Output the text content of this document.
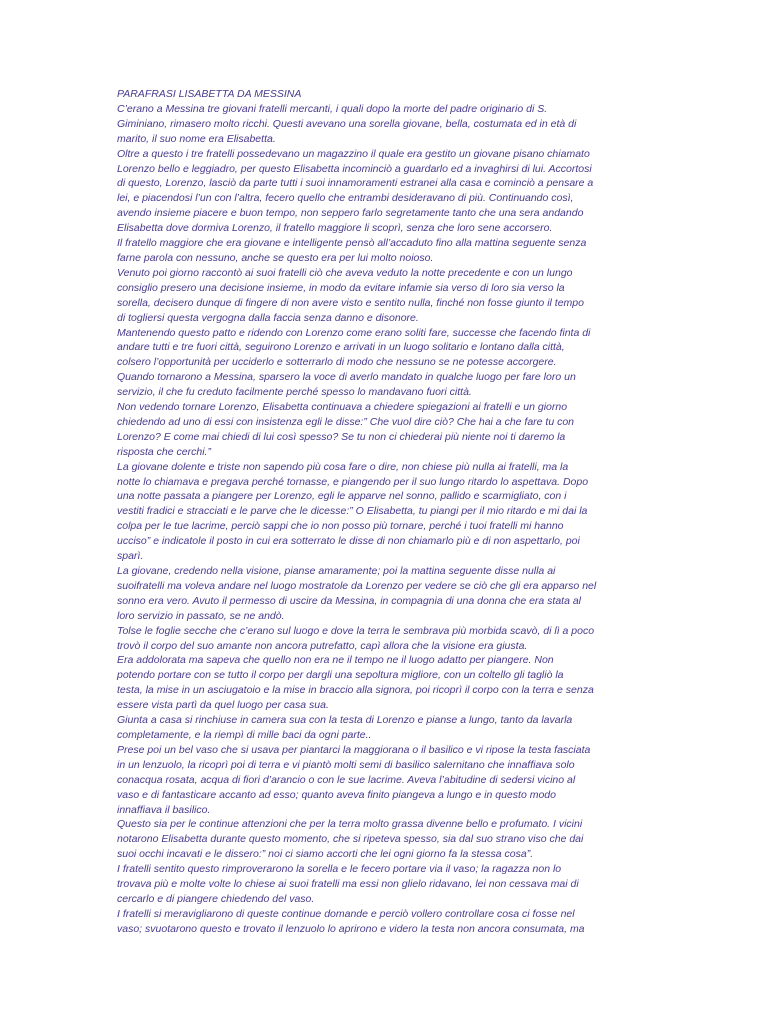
PARAFRASI LISABETTA DA MESSINA
C’erano a Messina tre giovani fratelli mercanti, i quali dopo la morte del padre originario di S.
Giminiano, rimasero molto ricchi. Questi avevano una sorella giovane, bella, costumata ed in età di
marito, il suo nome era Elisabetta.
Oltre a questo i tre fratelli possedevano un magazzino il quale era gestito un giovane pisano chiamato
Lorenzo bello e leggiadro, per questo Elisabetta incominciò a guardarlo ed a invaghirsi di lui. Accortosi
di questo, Lorenzo, lasciò da parte tutti i suoi innamoramenti estranei alla casa e cominciò a pensare a
lei, e piacendosi l’un con l’altra, fecero quello che entrambi desideravano di più. Continuando così,
avendo insieme piacere e buon tempo, non seppero farlo segretamente tanto che una sera andando
Elisabetta dove dormiva Lorenzo, il fratello maggiore li scoprì, senza che loro sene accorsero.
Il fratello maggiore che era giovane e intelligente pensò all’accaduto fino alla mattina seguente senza
farne parola con nessuno, anche se questo era per lui molto noioso.
Venuto poi giorno raccontò ai suoi fratelli ciò che aveva veduto la notte precedente e con un lungo
consiglio presero una decisione insieme, in modo da evitare infamie sia verso di loro sia verso la
sorella, decisero dunque di fingere di non avere visto e sentito nulla, finché non fosse giunto il tempo
di togliersi questa vergogna dalla faccia senza danno e disonore.
Mantenendo questo patto e ridendo con Lorenzo come erano soliti fare, successe che facendo finta di
andare tutti e tre fuori città, seguirono Lorenzo e arrivati in un luogo solitario e lontano dalla città,
colsero l’opportunità per ucciderlo e sotterrarlo di modo che nessuno se ne potesse accorgere.
Quando tornarono a Messina, sparsero la voce di averlo mandato in qualche luogo per fare loro un
servizio, il che fu creduto facilmente perché spesso lo mandavano fuori città.
Non vedendo tornare Lorenzo, Elisabetta continuava a chiedere spiegazioni ai fratelli e un giorno
chiedendo ad uno di essi con insistenza egli le disse:” Che vuol dire ciò? Che hai a che fare tu con
Lorenzo? E come mai chiedi di lui così spesso? Se tu non ci chiederai più niente noi ti daremo la
risposta che cerchi.”
La giovane dolente e triste non sapendo più cosa fare o dire, non chiese più nulla ai fratelli, ma la
notte lo chiamava e pregava perché tornasse, e piangendo per il suo lungo ritardo lo aspettava. Dopo
una notte passata a piangere per Lorenzo, egli le apparve nel sonno, pallido e scarmigliato, con i
vestiti fradici e stracciati e le parve che le dicesse:” O Elisabetta, tu piangi per il mio ritardo e mi dai la
colpa per le tue lacrime, perciò sappi che io non posso più tornare, perché i tuoi fratelli mi hanno
ucciso” e indicatole il posto in cui era sotterrato le disse di non chiamarlo più e di non aspettarlo, poi
sparì.
La giovane, credendo nella visione, pianse amaramente; poi la mattina seguente disse nulla ai
suoifratelli ma voleva andare nel luogo mostratole da Lorenzo per vedere se ciò che gli era apparso nel
sonno era vero. Avuto il permesso di uscire da Messina, in compagnia di una donna che era stata al
loro servizio in passato, se ne andò.
Tolse le foglie secche che c’erano sul luogo e dove la terra le sembrava più morbida scavò, di lì a poco
trovò il corpo del suo amante non ancora putrefatto, capì allora che la visione era giusta.
Era addolorata ma sapeva che quello non era ne il tempo ne il luogo adatto per piangere. Non
potendo portare con se tutto il corpo per dargli una sepoltura migliore, con un coltello gli tagliò la
testa, la mise in un asciugatoio e la mise in braccio alla signora, poi ricoprì il corpo con la terra e senza
essere vista partì da quel luogo per casa sua.
Giunta a casa si rinchiuse in camera sua con la testa di Lorenzo e pianse a lungo, tanto da lavarla
completamente, e la riempì di mille baci da ogni parte..
Prese poi un bel vaso che si usava per piantarci la maggiorana o il basilico e vi ripose la testa fasciata
in un lenzuolo, la ricoprì poi di terra e vi piantò molti semi di basilico salernitano che innaffiava solo
conacqua rosata, acqua di fiori d’arancio o con le sue lacrime. Aveva l’abitudine di sedersi vicino al
vaso e di fantasticare accanto ad esso; quanto aveva finito piangeva a lungo e in questo modo
innaffiava il basilico.
Questo sia per le continue attenzioni che per la terra molto grassa divenne bello e profumato. I vicini
notarono Elisabetta durante questo momento, che si ripeteva spesso, sia dal suo strano viso che dai
suoi occhi incavati e le dissero:” noi ci siamo accorti che lei ogni giorno fa la stessa cosa”.
I fratelli sentito questo rimproverarono la sorella e le fecero portare via il vaso; la ragazza non lo
trovava più e molte volte lo chiese ai suoi fratelli ma essi non glielo ridavano, lei non cessava mai di
cercarlo e di piangere chiedendo del vaso.
I fratelli si meravigliarono di queste continue domande e perciò vollero controllare cosa ci fosse nel
vaso; svuotarono questo e trovato il lenzuolo lo aprirono e videro la testa non ancora consumata, ma
